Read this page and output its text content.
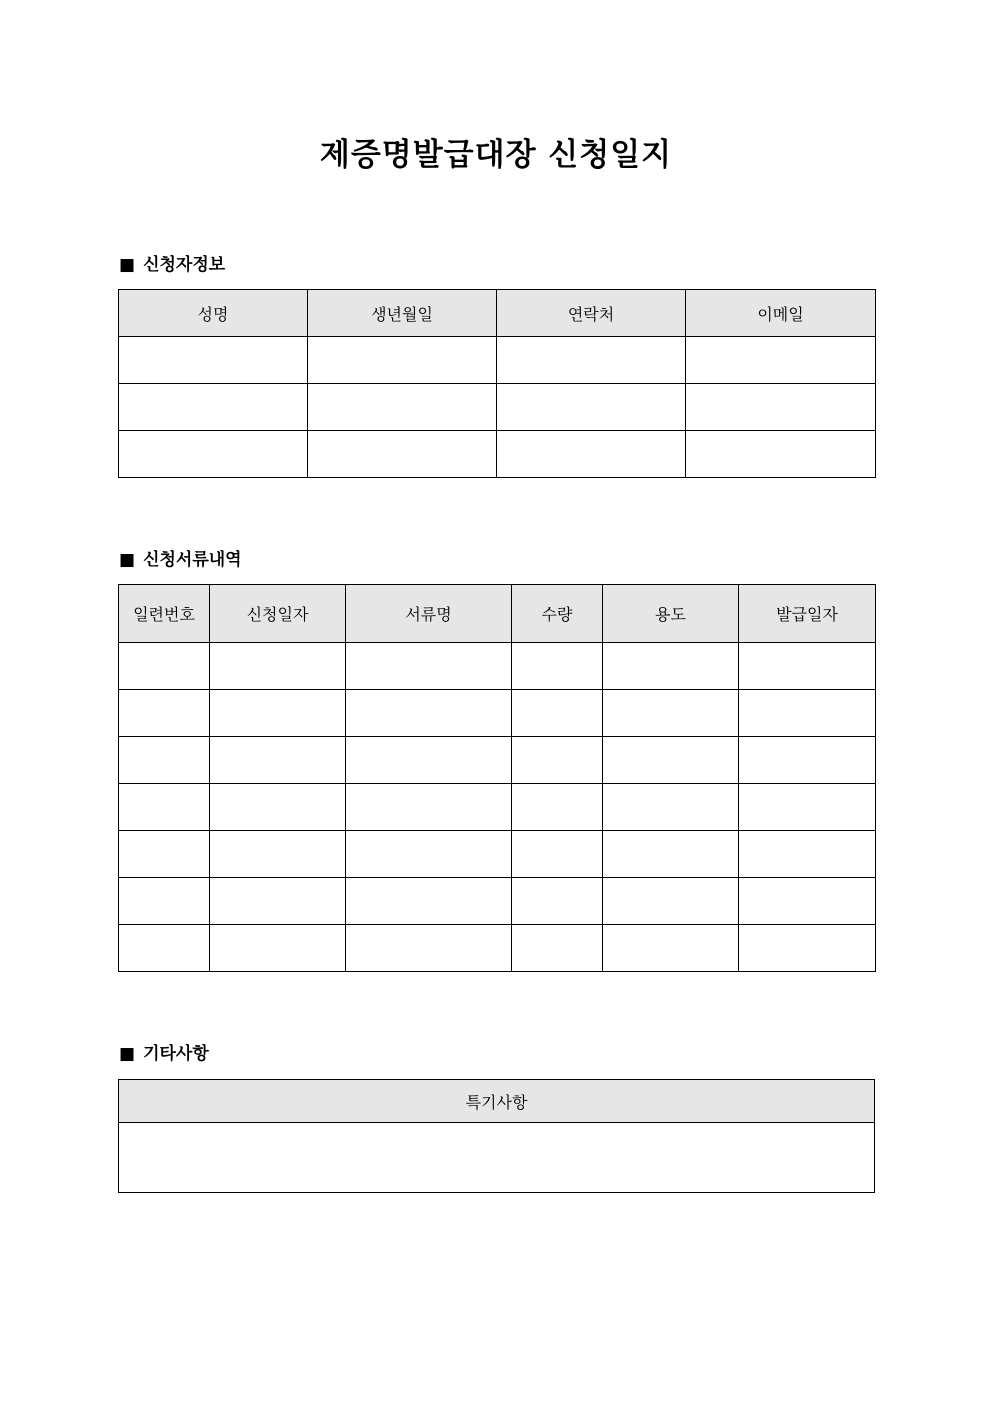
제증명발급대장 신청일지
■ 신청자정보
성명	생년월일	연락처	이메일

■ 신청서류내역
일련번호	신청일자	서류명	수량	용도	발급일자

■ 기타사항
특기사항
